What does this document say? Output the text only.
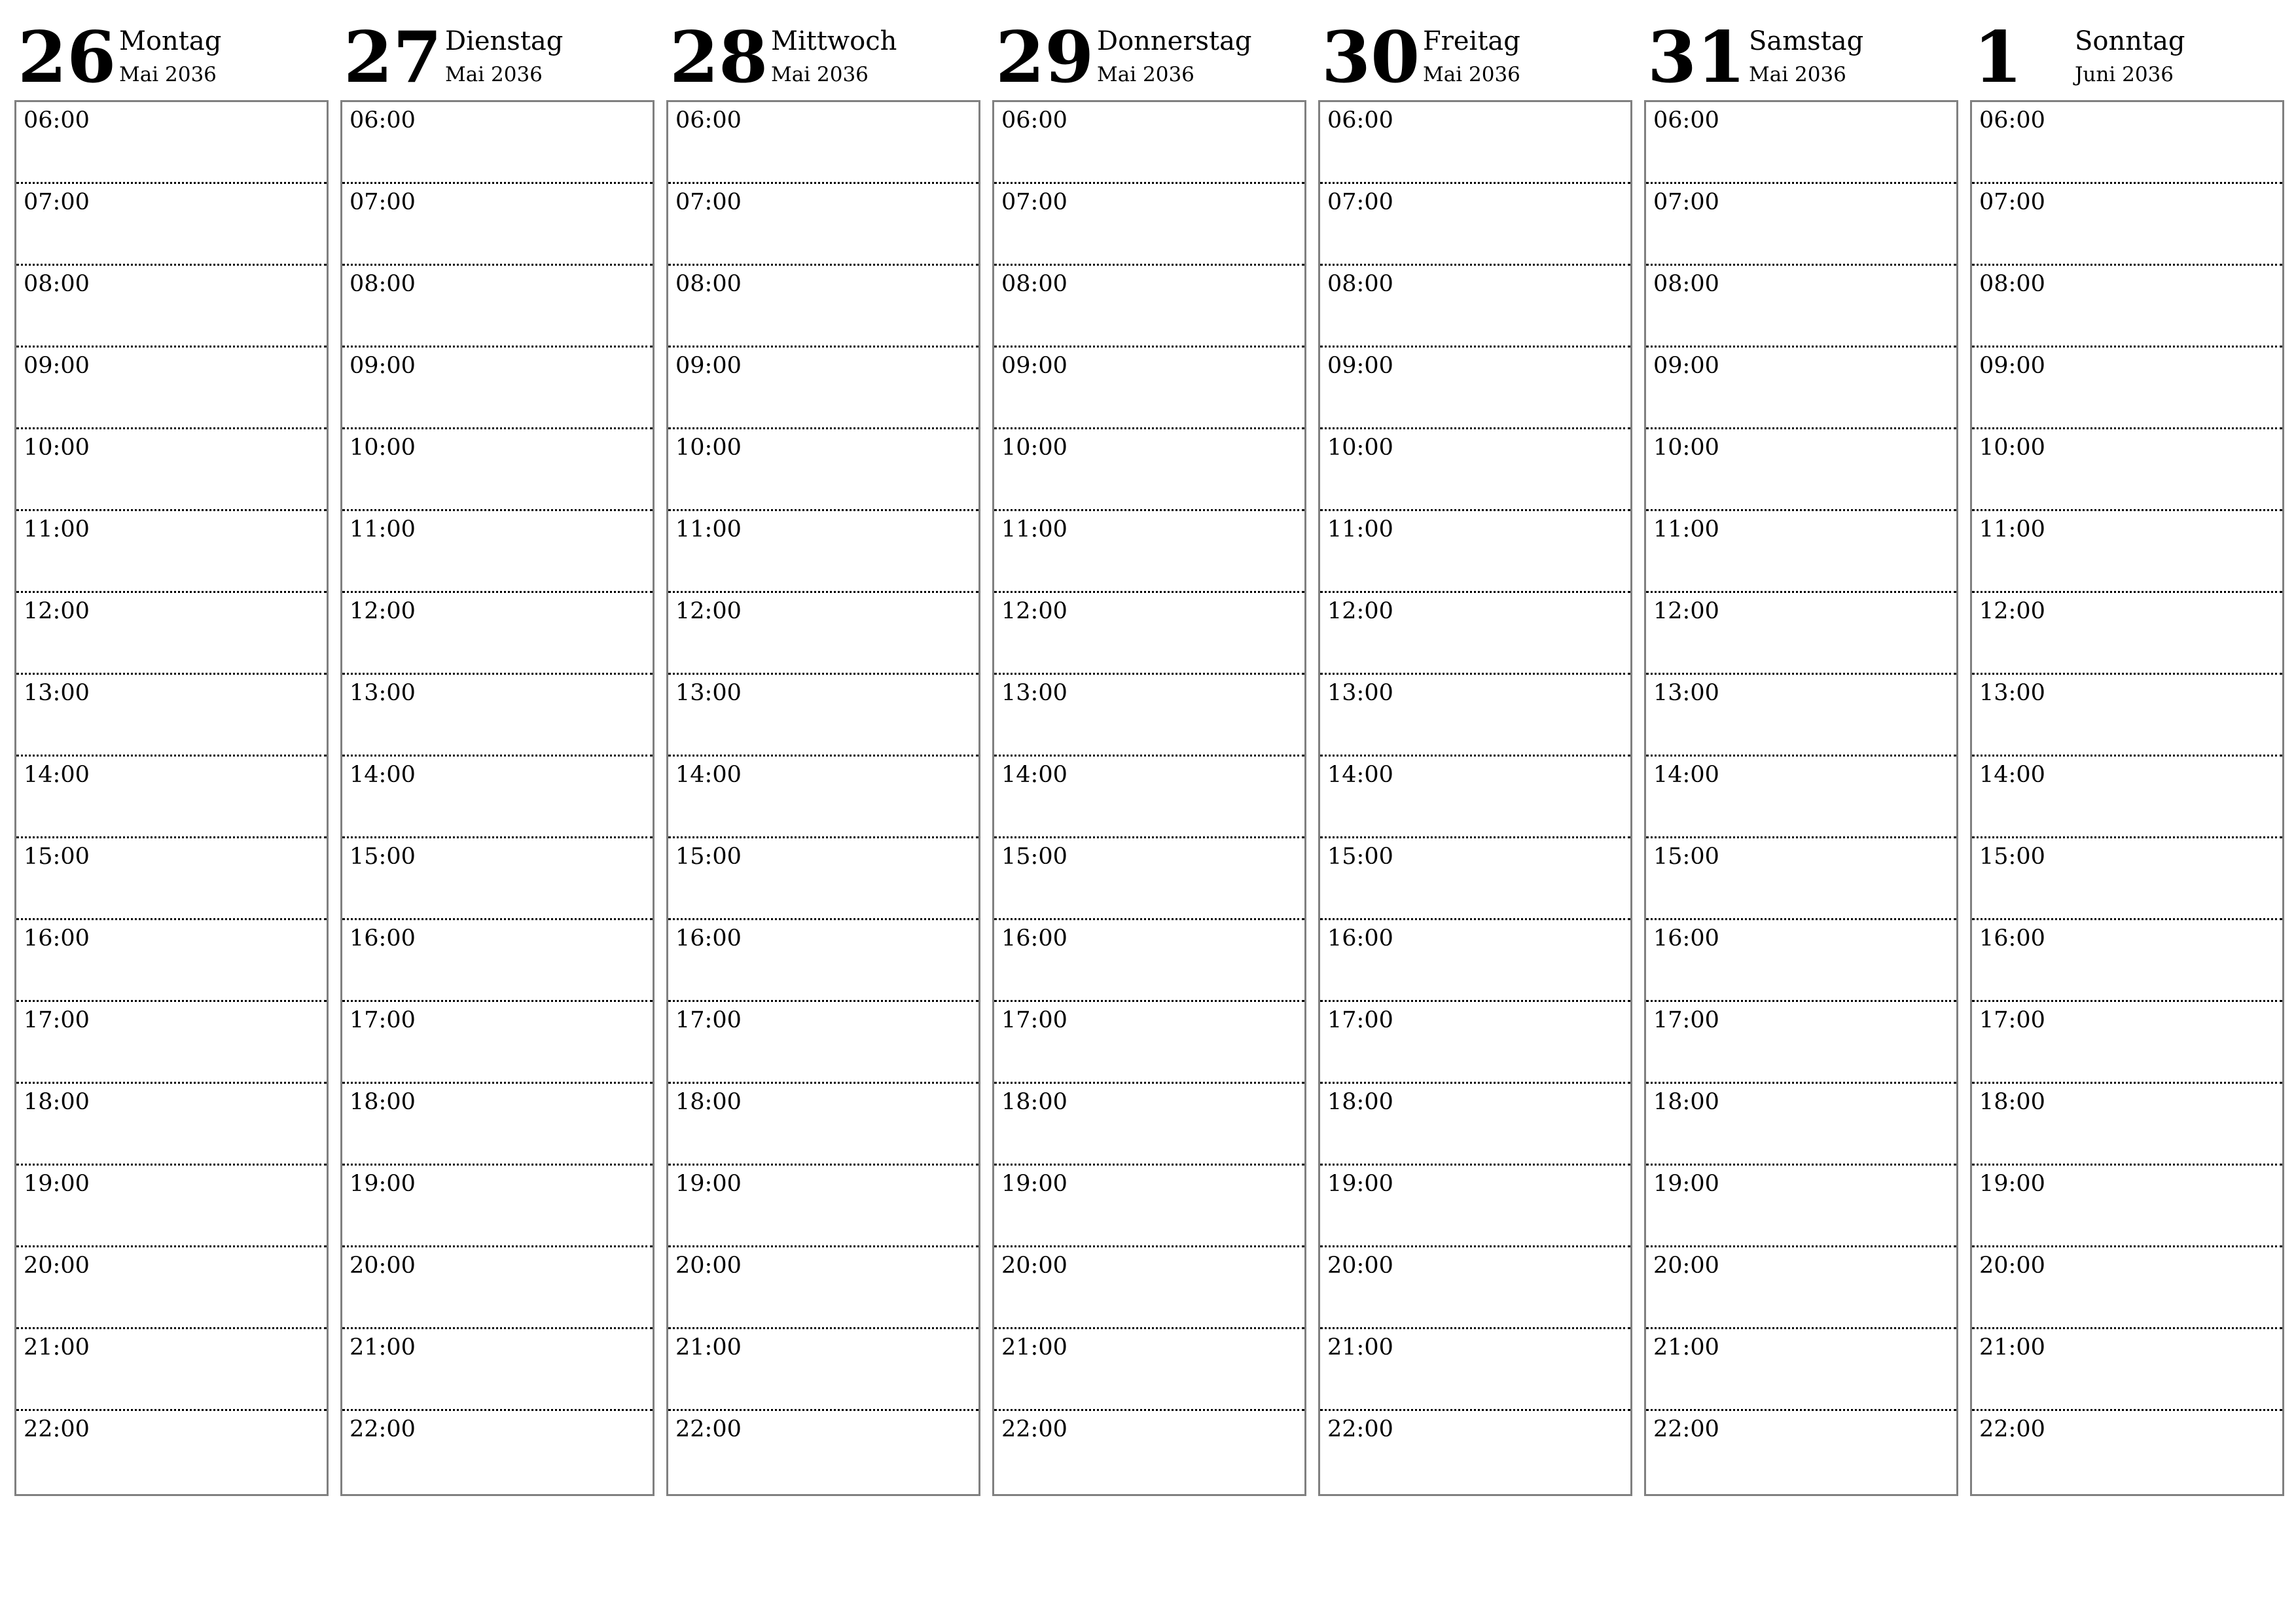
26 Montag
Mai 2036
06:00
07:00
08:00
09:00
10:00
11:00
12:00
13:00
14:00
15:00
16:00
17:00
18:00
19:00
20:00
21:00
22:00
27 Dienstag
Mai 2036
06:00
07:00
08:00
09:00
10:00
11:00
12:00
13:00
14:00
15:00
16:00
17:00
18:00
19:00
20:00
21:00
22:00
28 Mittwoch
Mai 2036
06:00
07:00
08:00
09:00
10:00
11:00
12:00
13:00
14:00
15:00
16:00
17:00
18:00
19:00
20:00
21:00
22:00
29 Donnerstag
Mai 2036
06:00
07:00
08:00
09:00
10:00
11:00
12:00
13:00
14:00
15:00
16:00
17:00
18:00
19:00
20:00
21:00
22:00
30 Freitag
Mai 2036
06:00
07:00
08:00
09:00
10:00
11:00
12:00
13:00
14:00
15:00
16:00
17:00
18:00
19:00
20:00
21:00
22:00
31 Samstag
Mai 2036
06:00
07:00
08:00
09:00
10:00
11:00
12:00
13:00
14:00
15:00
16:00
17:00
18:00
19:00
20:00
21:00
22:00
1 Sonntag
Juni 2036
06:00
07:00
08:00
09:00
10:00
11:00
12:00
13:00
14:00
15:00
16:00
17:00
18:00
19:00
20:00
21:00
22:00
